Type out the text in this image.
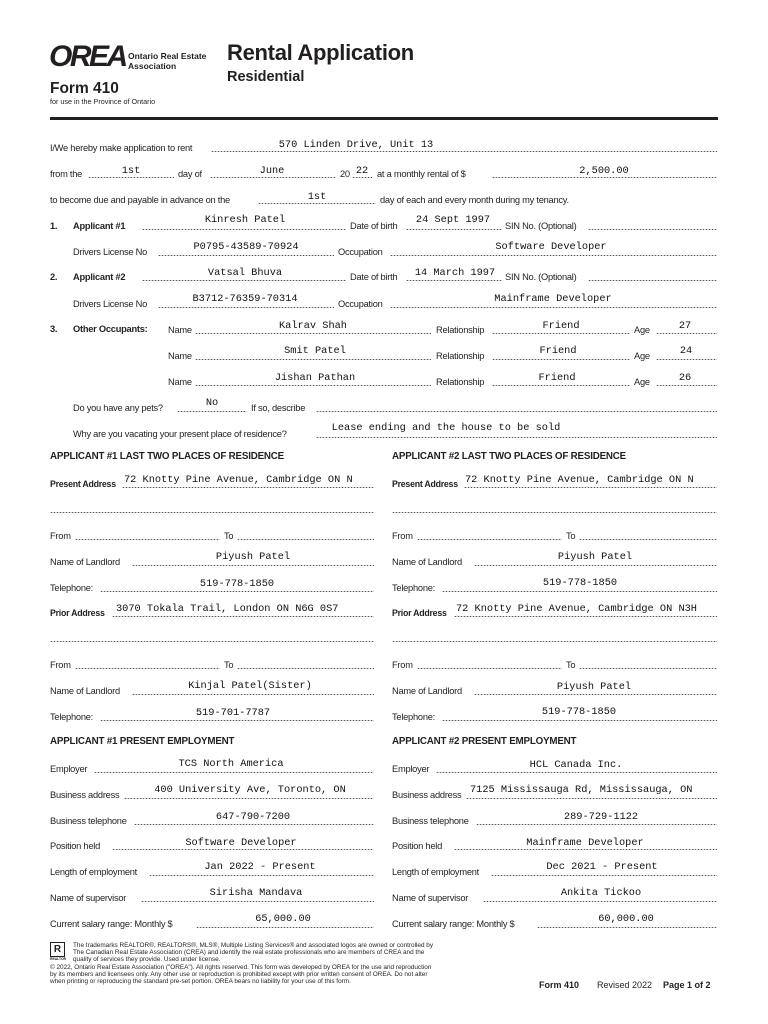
OREA Ontario Real Estate
Association
Rental Application
Residential
Form 410
for use in the Province of Ontario
I/We hereby make application to rent	570 Linden Drive, Unit 13
from the	1st	day of	June	20 22 at a monthly rental of $	2,500.00
to become due and payable in advance on the	1st	day of each and every month during my tenancy.
1. Applicant #1	Kinresh Patel	Date of birth 24 Sept 1997 SIN No. (Optional)
Drivers License No	P0795-43589-70924	Occupation	Software Developer
2. Applicant #2	Vatsal Bhuva	Date of birth 14 March 1997 SIN No. (Optional)
Drivers License No	B3712-76359-70314	Occupation	Mainframe Developer
3. Other Occupants: Name	Kalrav Shah	Relationship	Friend	Age	27
Name	Smit Patel	Relationship	Friend	Age	24
Name	Jishan Pathan	Relationship	Friend	Age	26
Do you have any pets?	No	If so, describe
Why are you vacating your present place of residence?	Lease ending and the house to be sold
APPLICANT #1 LAST TWO PLACES OF RESIDENCE
Present Address 72 Knotty Pine Avenue, Cambridge ON N
From	To
Name of Landlord	Piyush Patel
Telephone:	519-778-1850
Prior Address 3070 Tokala Trail, London ON N6G 0S7
From	To
Name of Landlord	Kinjal Patel(Sister)
Telephone:	519-701-7787
APPLICANT #2 LAST TWO PLACES OF RESIDENCE
Present Address 72 Knotty Pine Avenue, Cambridge ON N
From	To
Name of Landlord	Piyush Patel
Telephone:	519-778-1850
Prior Address 72 Knotty Pine Avenue, Cambridge ON N3H
From	To
Name of Landlord	Piyush Patel
Telephone:	519-778-1850
APPLICANT #1 PRESENT EMPLOYMENT
Employer	TCS North America
Business address	400 University Ave, Toronto, ON
Business telephone	647-790-7200
Position held	Software Developer
Length of employment	Jan 2022 - Present
Name of supervisor	Sirisha Mandava
Current salary range: Monthly $	65,000.00
APPLICANT #2 PRESENT EMPLOYMENT
Employer	HCL Canada Inc.
Business address 7125 Mississauga Rd, Mississauga, ON
Business telephone	289-729-1122
Position held	Mainframe Developer
Length of employment	Dec 2021 - Present
Name of supervisor	Ankita Tickoo
Current salary range: Monthly $	60,000.00
R
REALTOR
The trademarks REALTOR®, REALTORS®, MLS®, Multiple Listing Services® and associated logos are owned or controlled by
The Canadian Real Estate Association (CREA) and identify the real estate professionals who are members of CREA and the
quality of services they provide. Used under license.
© 2022, Ontario Real Estate Association ("OREA"). All rights reserved. This form was developed by OREA for the use and reproduction
by its members and licensees only. Any other use or reproduction is prohibited except with prior written consent of OREA. Do not alter
when printing or reproducing the standard pre-set portion. OREA bears no liability for your use of this form.	Form 410 Revised 2022 Page 1 of 2
